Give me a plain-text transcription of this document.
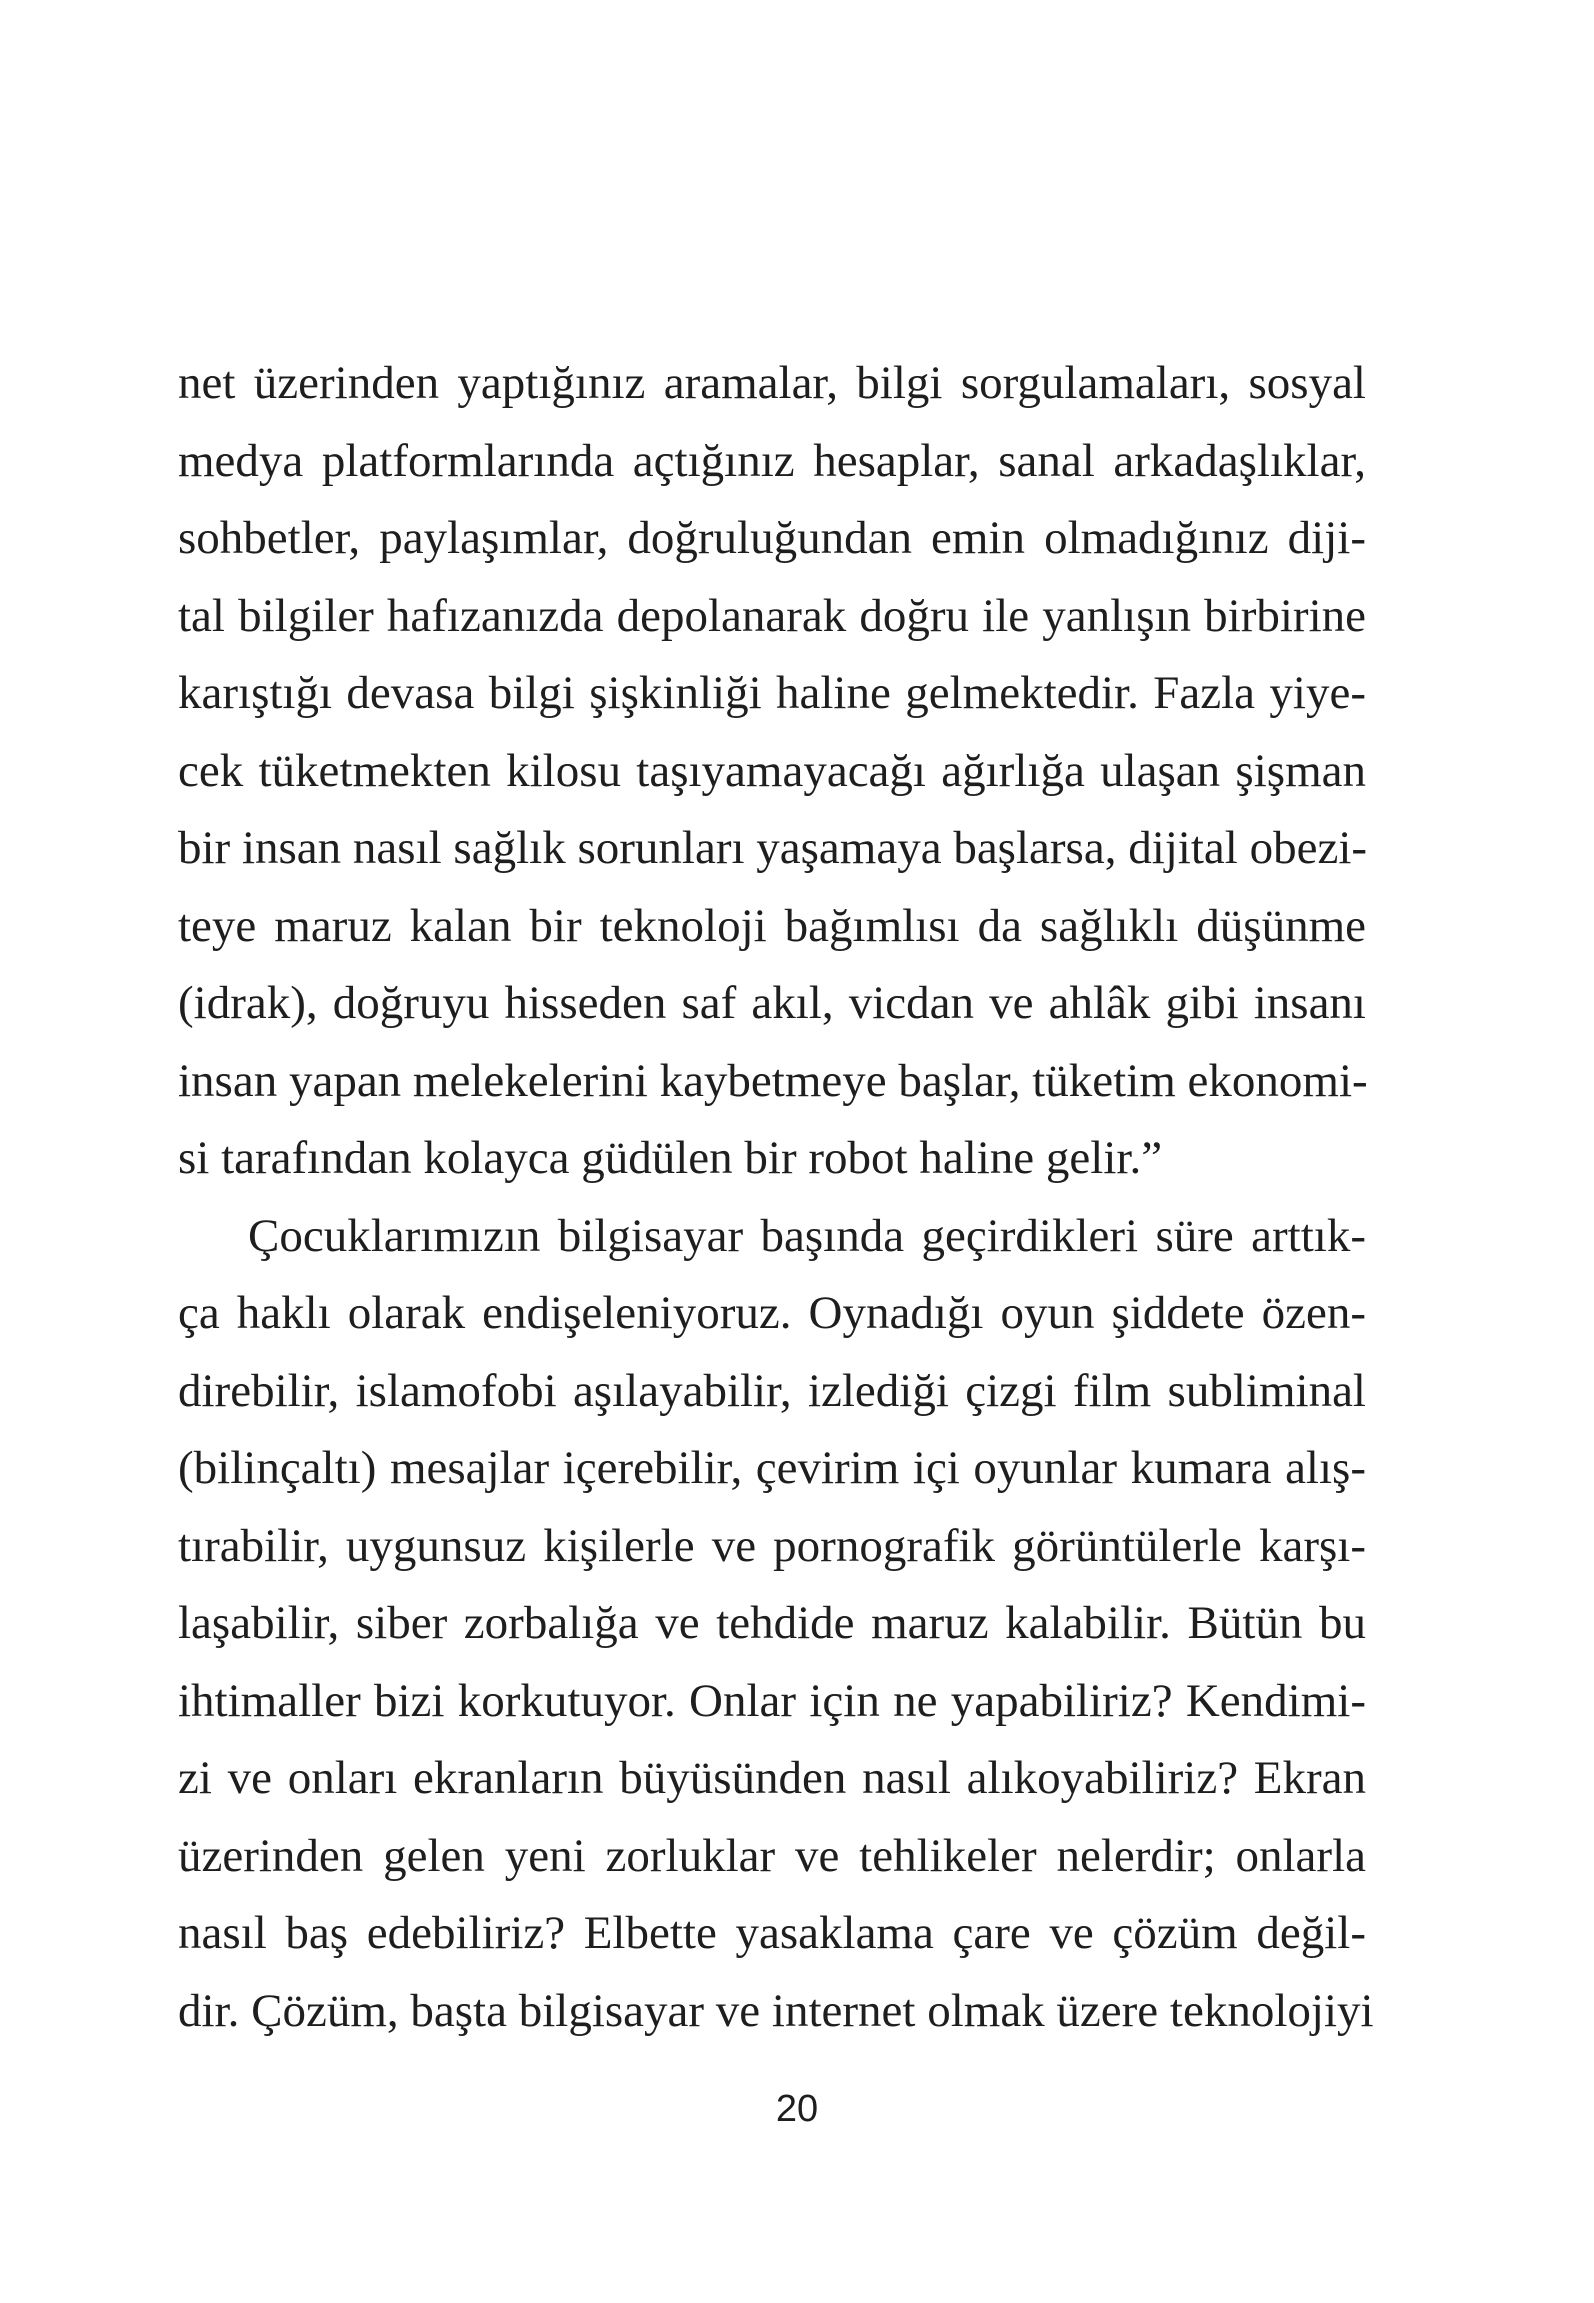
net üzerinden yaptığınız aramalar, bilgi sorgulamaları, sosyal
medya platformlarında açtığınız hesaplar, sanal arkadaşlıklar,
sohbetler, paylaşımlar, doğruluğundan emin olmadığınız diji-
tal bilgiler hafızanızda depolanarak doğru ile yanlışın birbirine
karıştığı devasa bilgi şişkinliği haline gelmektedir. Fazla yiye-
cek tüketmekten kilosu taşıyamayacağı ağırlığa ulaşan şişman
bir insan nasıl sağlık sorunları yaşamaya başlarsa, dijital obezi-
teye maruz kalan bir teknoloji bağımlısı da sağlıklı düşünme
(idrak), doğruyu hisseden saf akıl, vicdan ve ahlâk gibi insanı
insan yapan melekelerini kaybetmeye başlar, tüketim ekonomi-
si tarafından kolayca güdülen bir robot haline gelir.”
Çocuklarımızın bilgisayar başında geçirdikleri süre arttık-
ça haklı olarak endişeleniyoruz. Oynadığı oyun şiddete özen-
direbilir, islamofobi aşılayabilir, izlediği çizgi film subliminal
(bilinçaltı) mesajlar içerebilir, çevirim içi oyunlar kumara alış-
tırabilir, uygunsuz kişilerle ve pornografik görüntülerle karşı-
laşabilir, siber zorbalığa ve tehdide maruz kalabilir. Bütün bu
ihtimaller bizi korkutuyor. Onlar için ne yapabiliriz? Kendimi-
zi ve onları ekranların büyüsünden nasıl alıkoyabiliriz? Ekran
üzerinden gelen yeni zorluklar ve tehlikeler nelerdir; onlarla
nasıl baş edebiliriz? Elbette yasaklama çare ve çözüm değil-
dir. Çözüm, başta bilgisayar ve internet olmak üzere teknolojiyi
20
